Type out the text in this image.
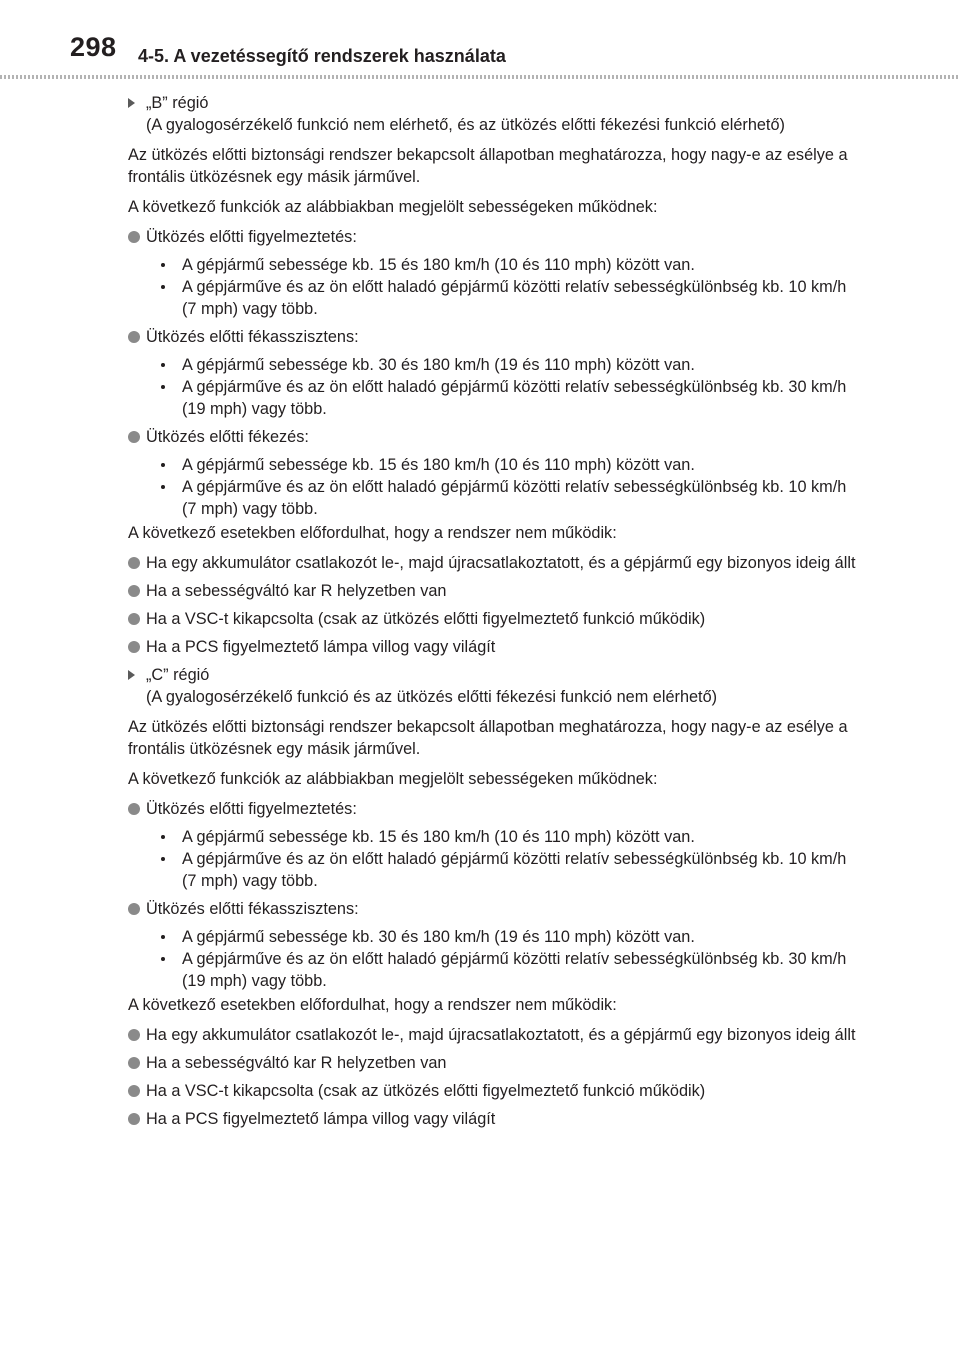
298 4-5. A vezetéssegítő rendszerek használata
„B” régió
(A gyalogosérzékelő funkció nem elérhető, és az ütközés előtti fékezési funkció elérhető)

Az ütközés előtti biztonsági rendszer bekapcsolt állapotban meghatározza, hogy nagy-e az esélye a frontális ütközésnek egy másik járművel.

A következő funkciók az alábbiakban megjelölt sebességeken működnek:

Ütközés előtti figyelmeztetés:
A gépjármű sebessége kb. 15 és 180 km/h (10 és 110 mph) között van.
A gépjárműve és az ön előtt haladó gépjármű közötti relatív sebességkülönbség kb. 10 km/h (7 mph) vagy több.
Ütközés előtti fékasszisztens:
A gépjármű sebessége kb. 30 és 180 km/h (19 és 110 mph) között van.
A gépjárműve és az ön előtt haladó gépjármű közötti relatív sebességkülönbség kb. 30 km/h (19 mph) vagy több.
Ütközés előtti fékezés:
A gépjármű sebessége kb. 15 és 180 km/h (10 és 110 mph) között van.
A gépjárműve és az ön előtt haladó gépjármű közötti relatív sebességkülönbség kb. 10 km/h (7 mph) vagy több.

A következő esetekben előfordulhat, hogy a rendszer nem működik:

Ha egy akkumulátor csatlakozót le-, majd újracsatlakoztatott, és a gépjármű egy bizonyos ideig állt
Ha a sebességváltó kar R helyzetben van
Ha a VSC-t kikapcsolta (csak az ütközés előtti figyelmeztető funkció működik)
Ha a PCS figyelmeztető lámpa villog vagy világít
„C” régió
(A gyalogosérzékelő funkció és az ütközés előtti fékezési funkció nem elérhető)

Az ütközés előtti biztonsági rendszer bekapcsolt állapotban meghatározza, hogy nagy-e az esélye a frontális ütközésnek egy másik járművel.

A következő funkciók az alábbiakban megjelölt sebességeken működnek:

Ütközés előtti figyelmeztetés:
A gépjármű sebessége kb. 15 és 180 km/h (10 és 110 mph) között van.
A gépjárműve és az ön előtt haladó gépjármű közötti relatív sebességkülönbség kb. 10 km/h (7 mph) vagy több.
Ütközés előtti fékasszisztens:
A gépjármű sebessége kb. 30 és 180 km/h (19 és 110 mph) között van.
A gépjárműve és az ön előtt haladó gépjármű közötti relatív sebességkülönbség kb. 30 km/h (19 mph) vagy több.

A következő esetekben előfordulhat, hogy a rendszer nem működik:

Ha egy akkumulátor csatlakozót le-, majd újracsatlakoztatott, és a gépjármű egy bizonyos ideig állt
Ha a sebességváltó kar R helyzetben van
Ha a VSC-t kikapcsolta (csak az ütközés előtti figyelmeztető funkció működik)
Ha a PCS figyelmeztető lámpa villog vagy világít
